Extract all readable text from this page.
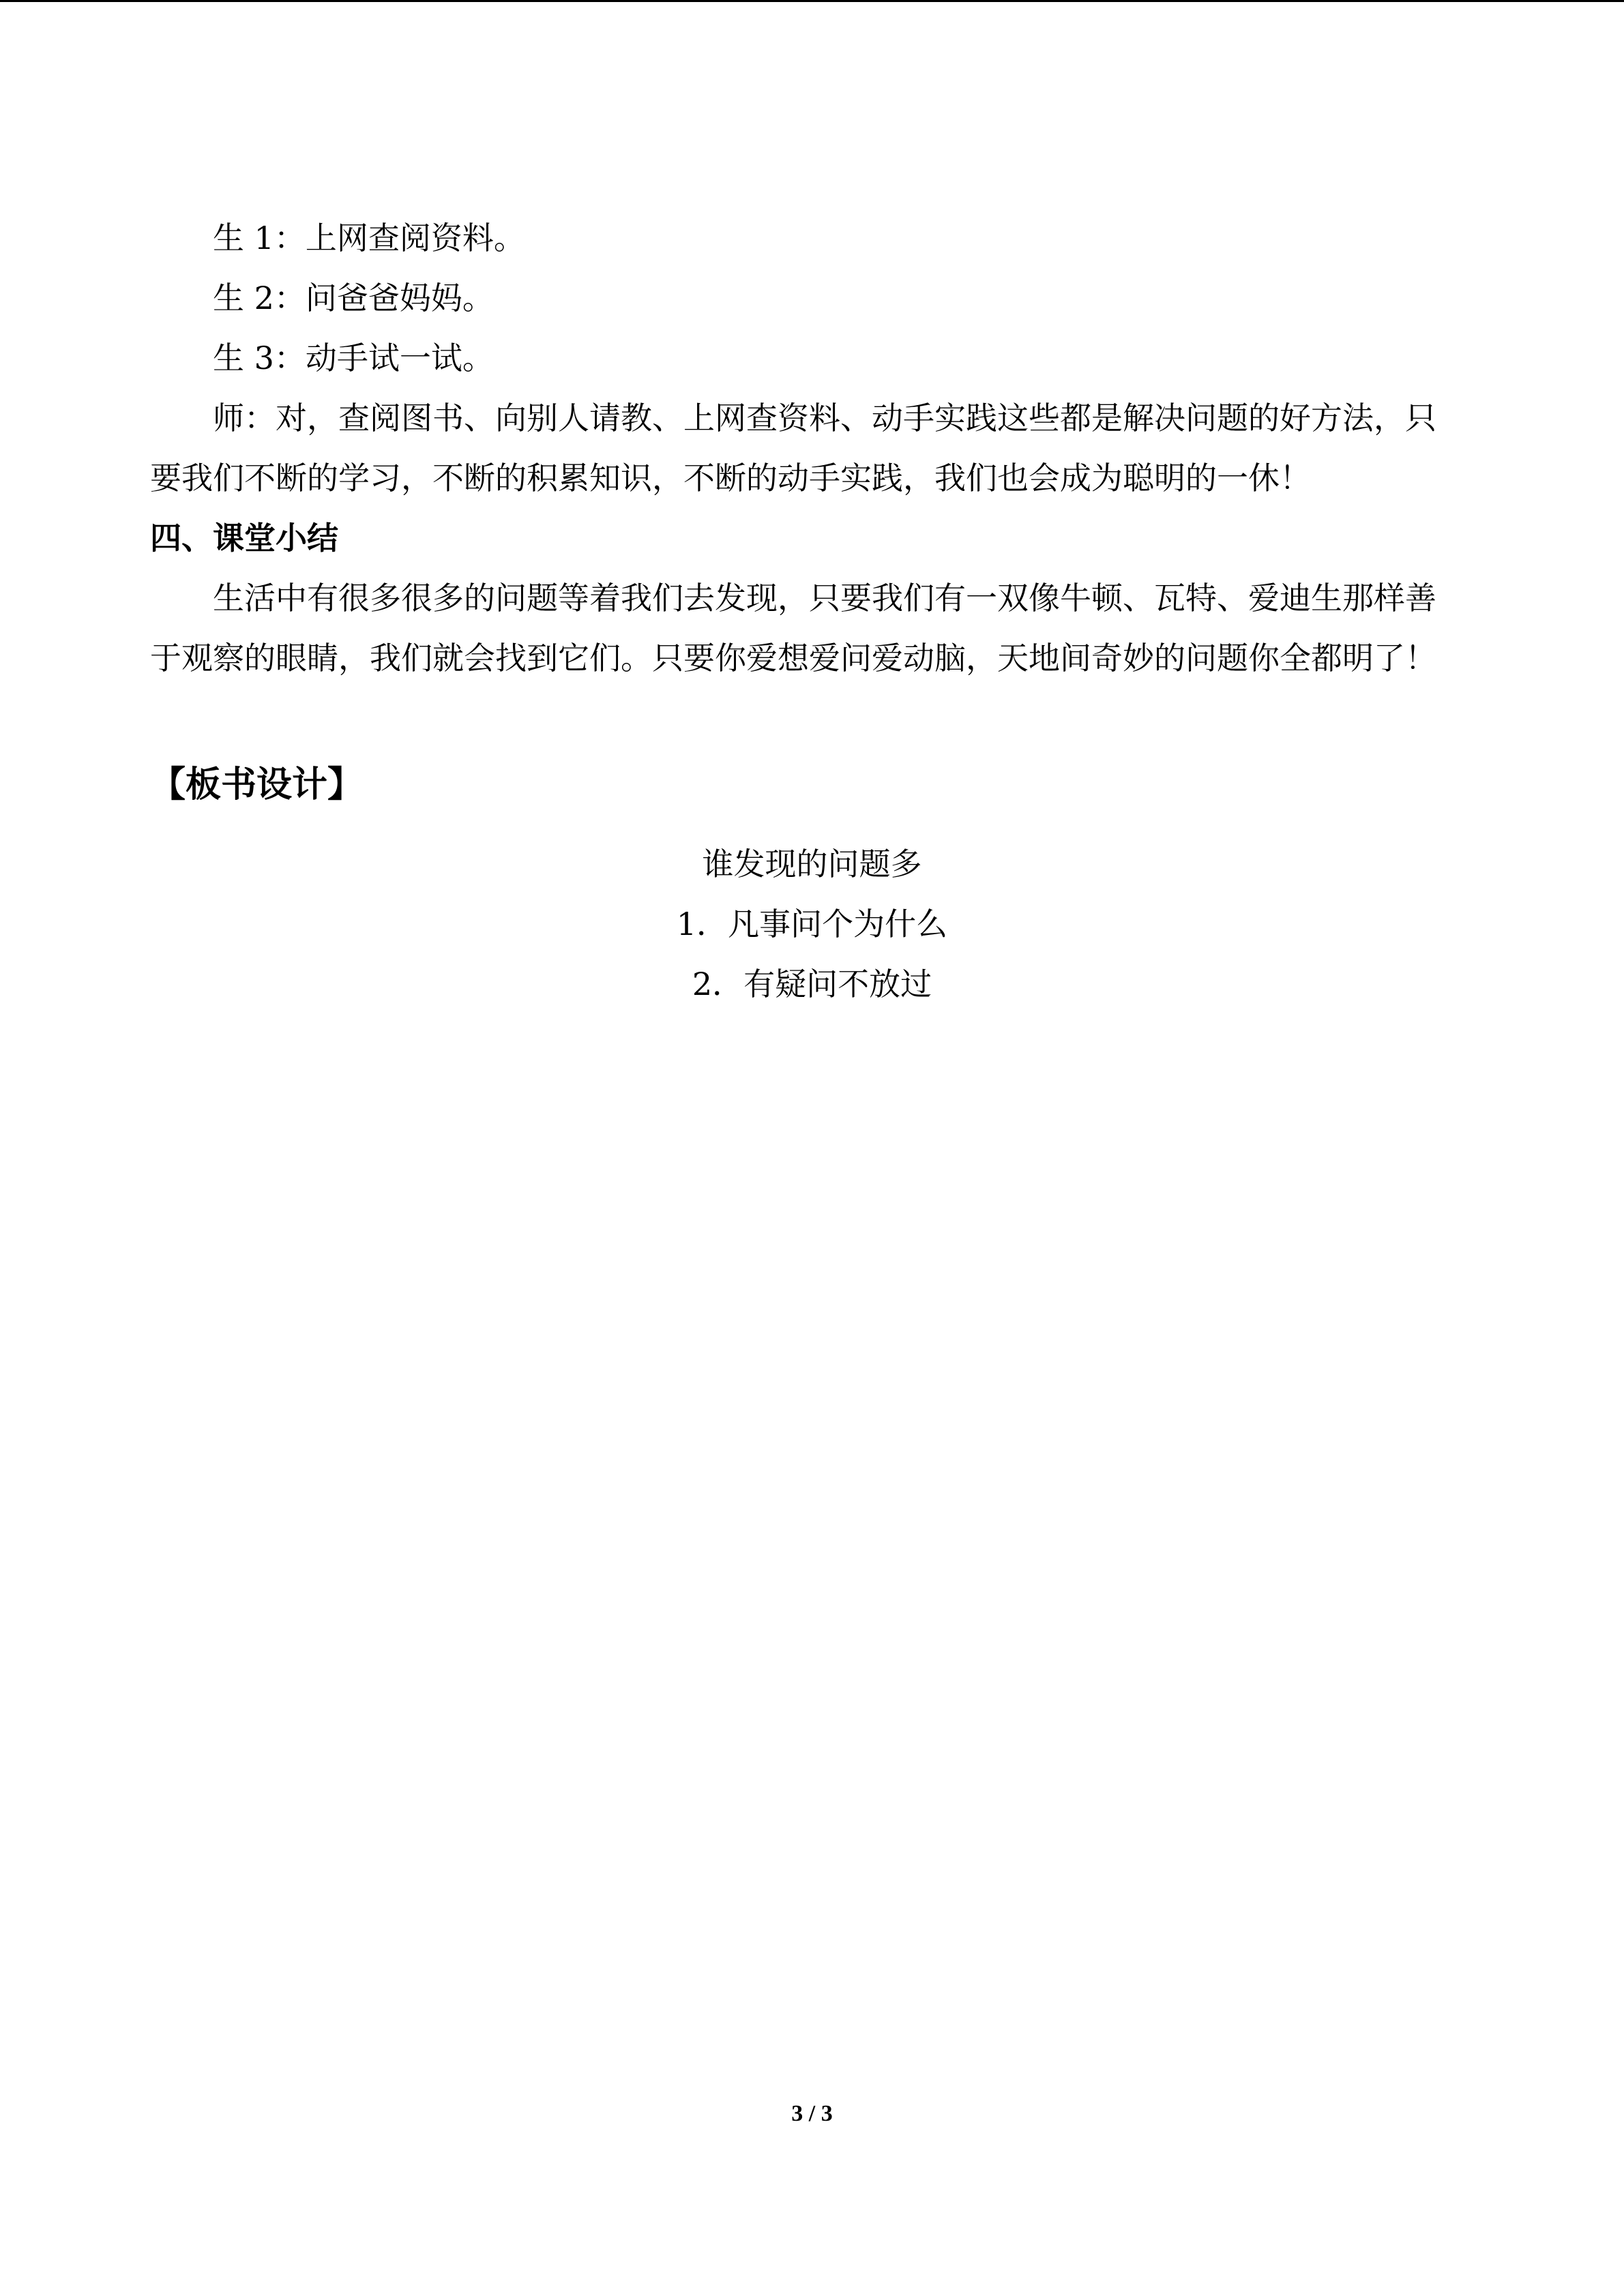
生 1：上网查阅资料。

生 2：问爸爸妈妈。

生 3：动手试一试。

师：对，查阅图书、向别人请教、上网查资料、动手实践这些都是解决问题的好方法，只要我们不断的学习，不断的积累知识，不断的动手实践，我们也会成为聪明的一休！

四、课堂小结

生活中有很多很多的问题等着我们去发现，只要我们有一双像牛顿、瓦特、爱迪生那样善于观察的眼睛，我们就会找到它们。只要你爱想爱问爱动脑，天地间奇妙的问题你全都明了！

【板书设计】
谁发现的问题多
1．凡事问个为什么
2．有疑问不放过
3 / 3
